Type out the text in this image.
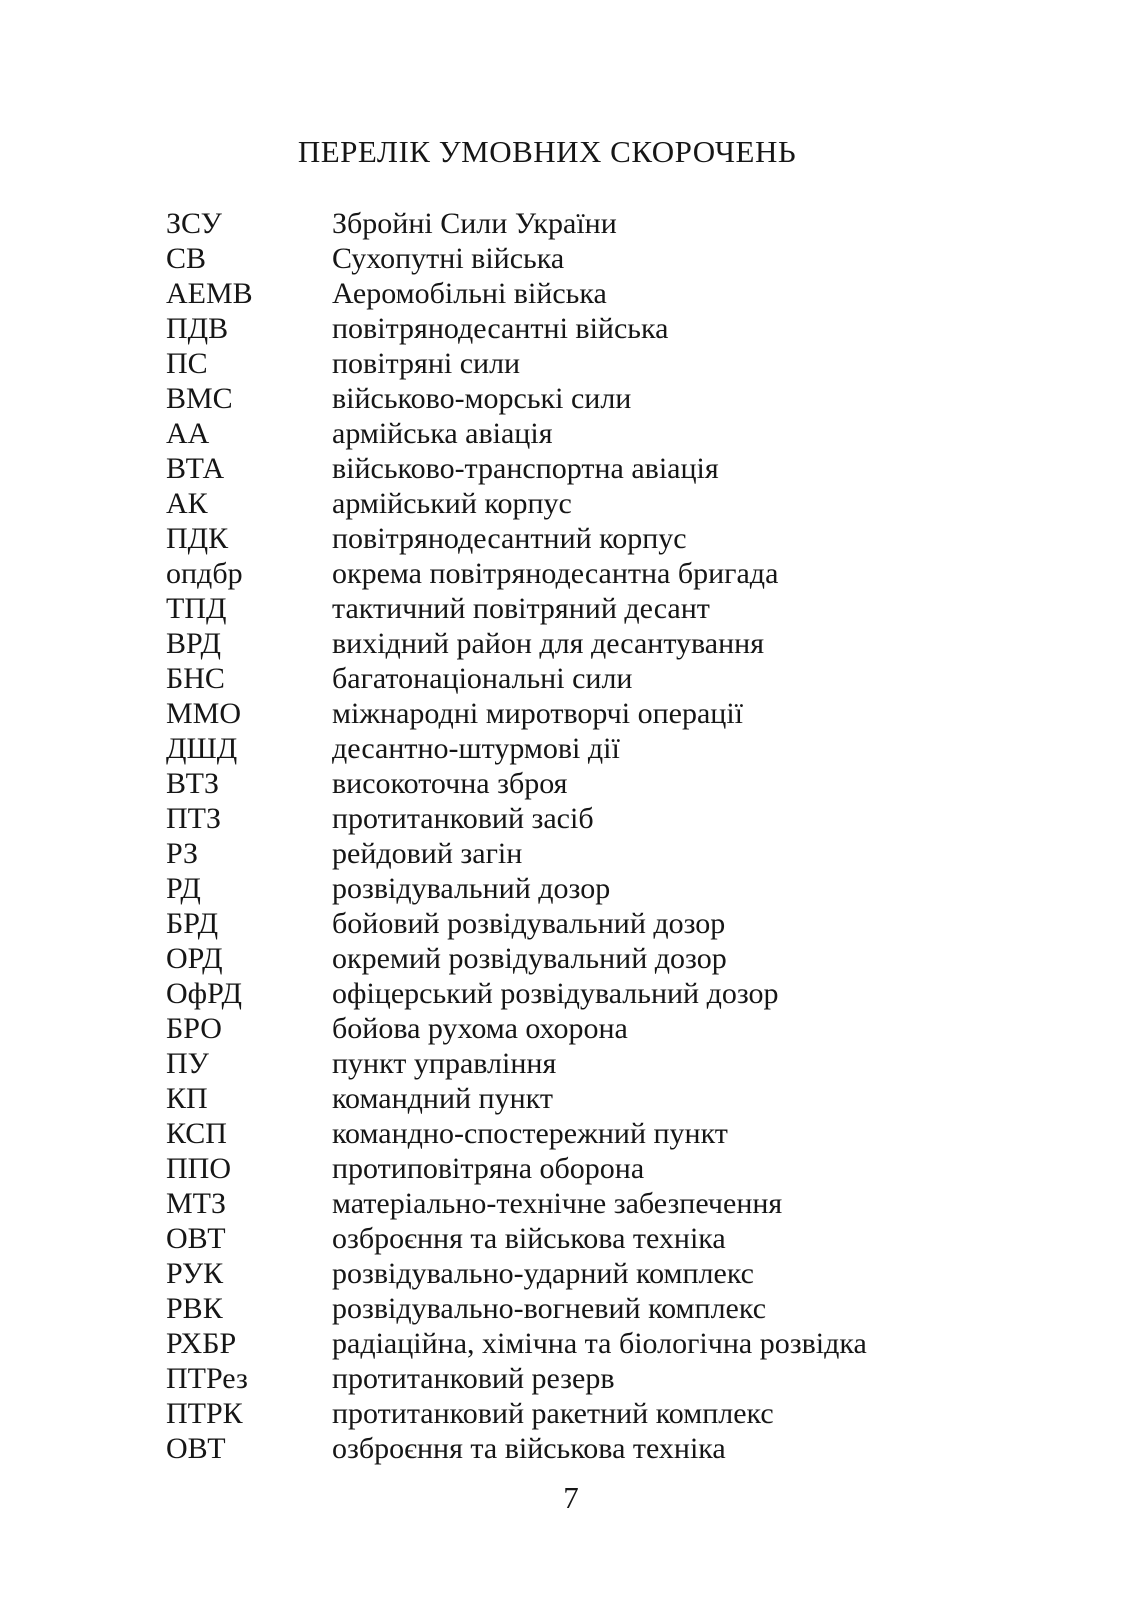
ПЕРЕЛІК УМОВНИХ СКОРОЧЕНЬ
ЗСУ	Збройні Сили України
СВ	Сухопутні війська
АЕМВ	Аеромобільні війська
ПДВ	повітрянодесантні війська
ПС	повітряні сили
ВМС	військово-морські сили
АА	армійська авіація
ВТА	військово-транспортна авіація
АК	армійський корпус
ПДК	повітрянодесантний корпус
опдбр	окрема повітрянодесантна бригада
ТПД	тактичний повітряний десант
ВРД	вихідний район для десантування
БНС	багатонаціональні сили
ММО	міжнародні миротворчі операції
ДШД	десантно-штурмові дії
ВТЗ	високоточна зброя
ПТЗ	протитанковий засіб
РЗ	рейдовий загін
РД	розвідувальний дозор
БРД	бойовий розвідувальний дозор
ОРД	окремий розвідувальний дозор
ОфРД	офіцерський розвідувальний дозор
БРО	бойова рухома охорона
ПУ	пункт управління
КП	командний пункт
КСП	командно-спостережний пункт
ППО	протиповітряна оборона
МТЗ	матеріально-технічне забезпечення
ОВТ	озброєння та військова техніка
РУК	розвідувально-ударний комплекс
РВК	розвідувально-вогневий комплекс
РХБР	радіаційна, хімічна та біологічна розвідка
ПТРез	протитанковий резерв
ПТРК	протитанковий ракетний комплекс
ОВТ	озброєння та військова техніка
7
